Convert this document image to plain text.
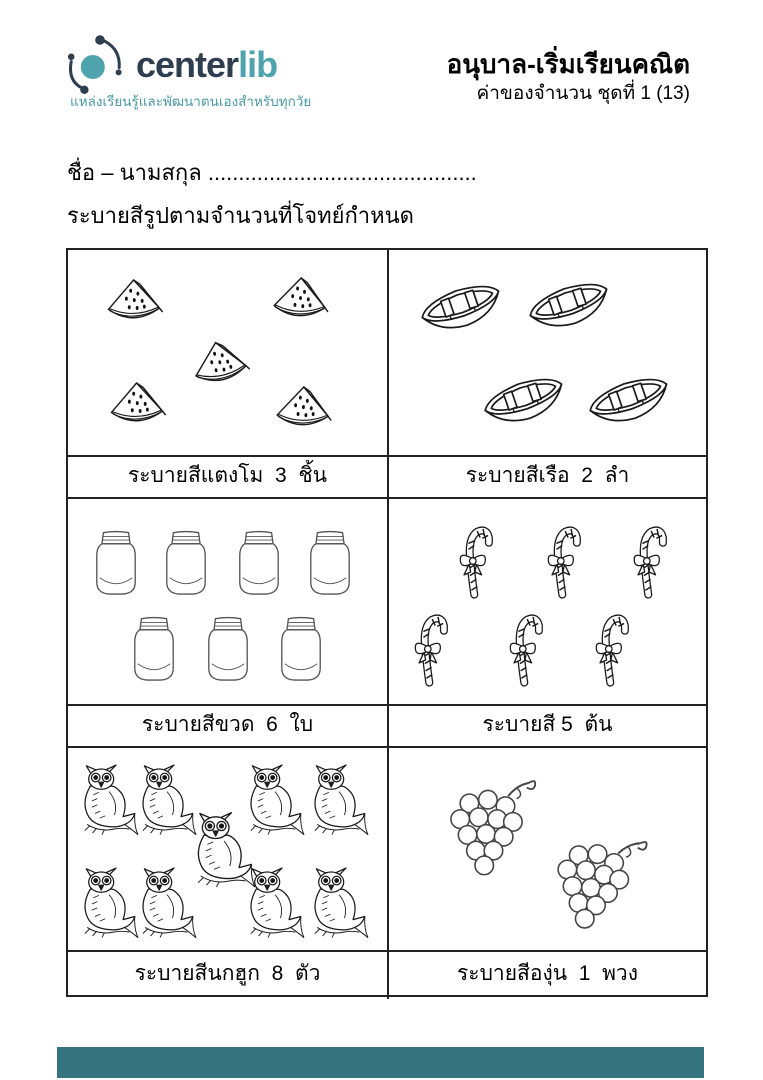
centerlib
แหล่งเรียนรู้และพัฒนาตนเองสำหรับทุกวัย
อนุบาล-เริ่มเรียนคณิต
ค่าของจำนวน ชุดที่ 1 (13)
ชื่อ – นามสกุล ............................................
ระบายสีรูปตามจำนวนที่โจทย์กำหนด
ระบายสีแตงโม  3  ชิ้น	ระบายสีเรือ  2  ลำ
ระบายสีขวด  6  ใบ	ระบายสี 5  ต้น
ระบายสีนกฮูก  8  ตัว	ระบายสีองุ่น  1  พวง
